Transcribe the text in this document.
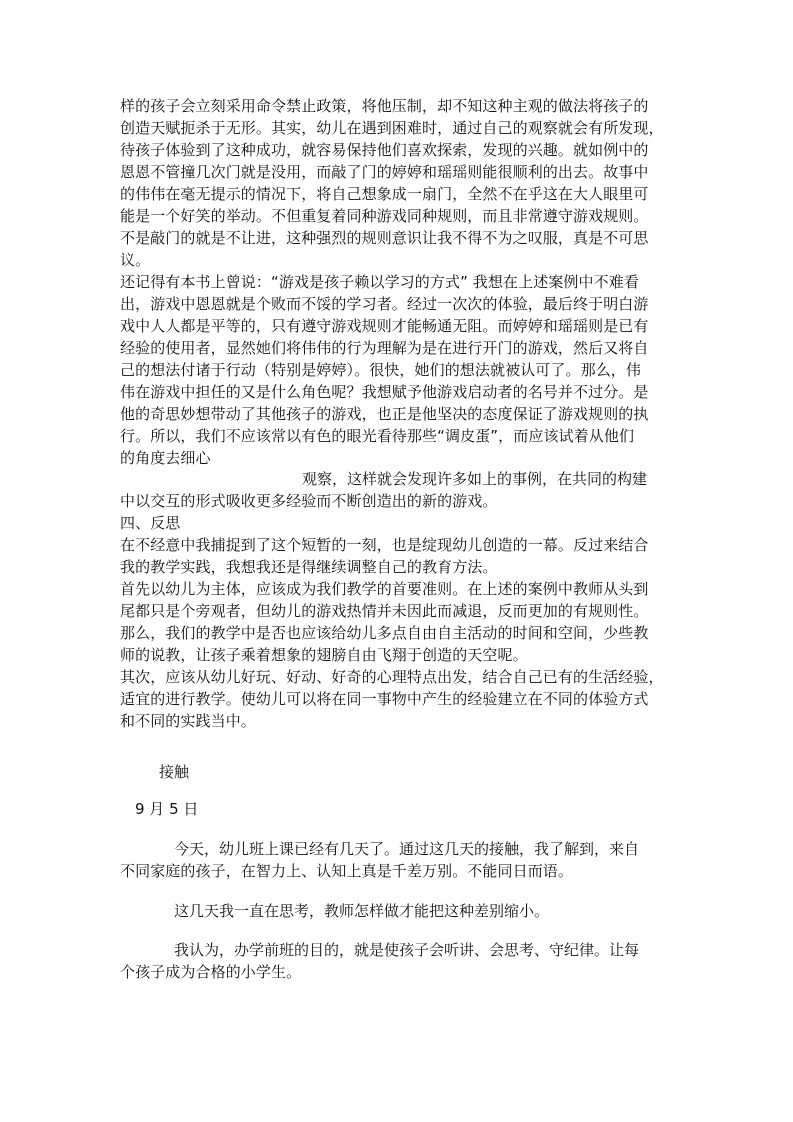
样的孩子会立刻采用命令禁止政策，将他压制，却不知这种主观的做法将孩子的

创造天赋扼杀于无形。其实，幼儿在遇到困难时，通过自己的观察就会有所发现，

待孩子体验到了这种成功，就容易保持他们喜欢探索，发现的兴趣。就如例中的

恩恩不管撞几次门就是没用，而敲了门的婷婷和瑶瑶则能很顺利的出去。故事中

的伟伟在毫无提示的情况下，将自己想象成一扇门，全然不在乎这在大人眼里可

能是一个好笑的举动。不但重复着同种游戏同种规则，而且非常遵守游戏规则。

不是敲门的就是不让进，这种强烈的规则意识让我不得不为之叹服，真是不可思

议。

还记得有本书上曾说：“游戏是孩子赖以学习的方式” 我想在上述案例中不难看

出，游戏中恩恩就是个败而不馁的学习者。经过一次次的体验，最后终于明白游

戏中人人都是平等的，只有遵守游戏规则才能畅通无阻。而婷婷和瑶瑶则是已有

经验的使用者，显然她们将伟伟的行为理解为是在进行开门的游戏，然后又将自

己的想法付诸于行动（特别是婷婷）。很快，她们的想法就被认可了。那么，伟

伟在游戏中担任的又是什么角色呢？我想赋予他游戏启动者的名号并不过分。是

他的奇思妙想带动了其他孩子的游戏，也正是他坚决的态度保证了游戏规则的执

行。所以，我们不应该常以有色的眼光看待那些“调皮蛋”，而应该试着从他们

的角度去细心

观察，这样就会发现许多如上的事例，在共同的构建

中以交互的形式吸收更多经验而不断创造出的新的游戏。

四、反思

在不经意中我捕捉到了这个短暂的一刻，也是绽现幼儿创造的一幕。反过来结合

我的教学实践，我想我还是得继续调整自己的教育方法。

首先以幼儿为主体，应该成为我们教学的首要准则。在上述的案例中教师从头到

尾都只是个旁观者，但幼儿的游戏热情并未因此而减退，反而更加的有规则性。

那么，我们的教学中是否也应该给幼儿多点自由自主活动的时间和空间，少些教

师的说教，让孩子乘着想象的翅膀自由飞翔于创造的天空呢。

其次，应该从幼儿好玩、好动、好奇的心理特点出发，结合自己已有的生活经验，

适宜的进行教学。使幼儿可以将在同一事物中产生的经验建立在不同的体验方式

和不同的实践当中。

接触

9 月 5 日

今天，幼儿班上课已经有几天了。通过这几天的接触，我了解到，来自

不同家庭的孩子，在智力上、认知上真是千差万别。不能同日而语。

这几天我一直在思考，教师怎样做才能把这种差别缩小。

我认为，办学前班的目的，就是使孩子会听讲、会思考、守纪律。让每

个孩子成为合格的小学生。
